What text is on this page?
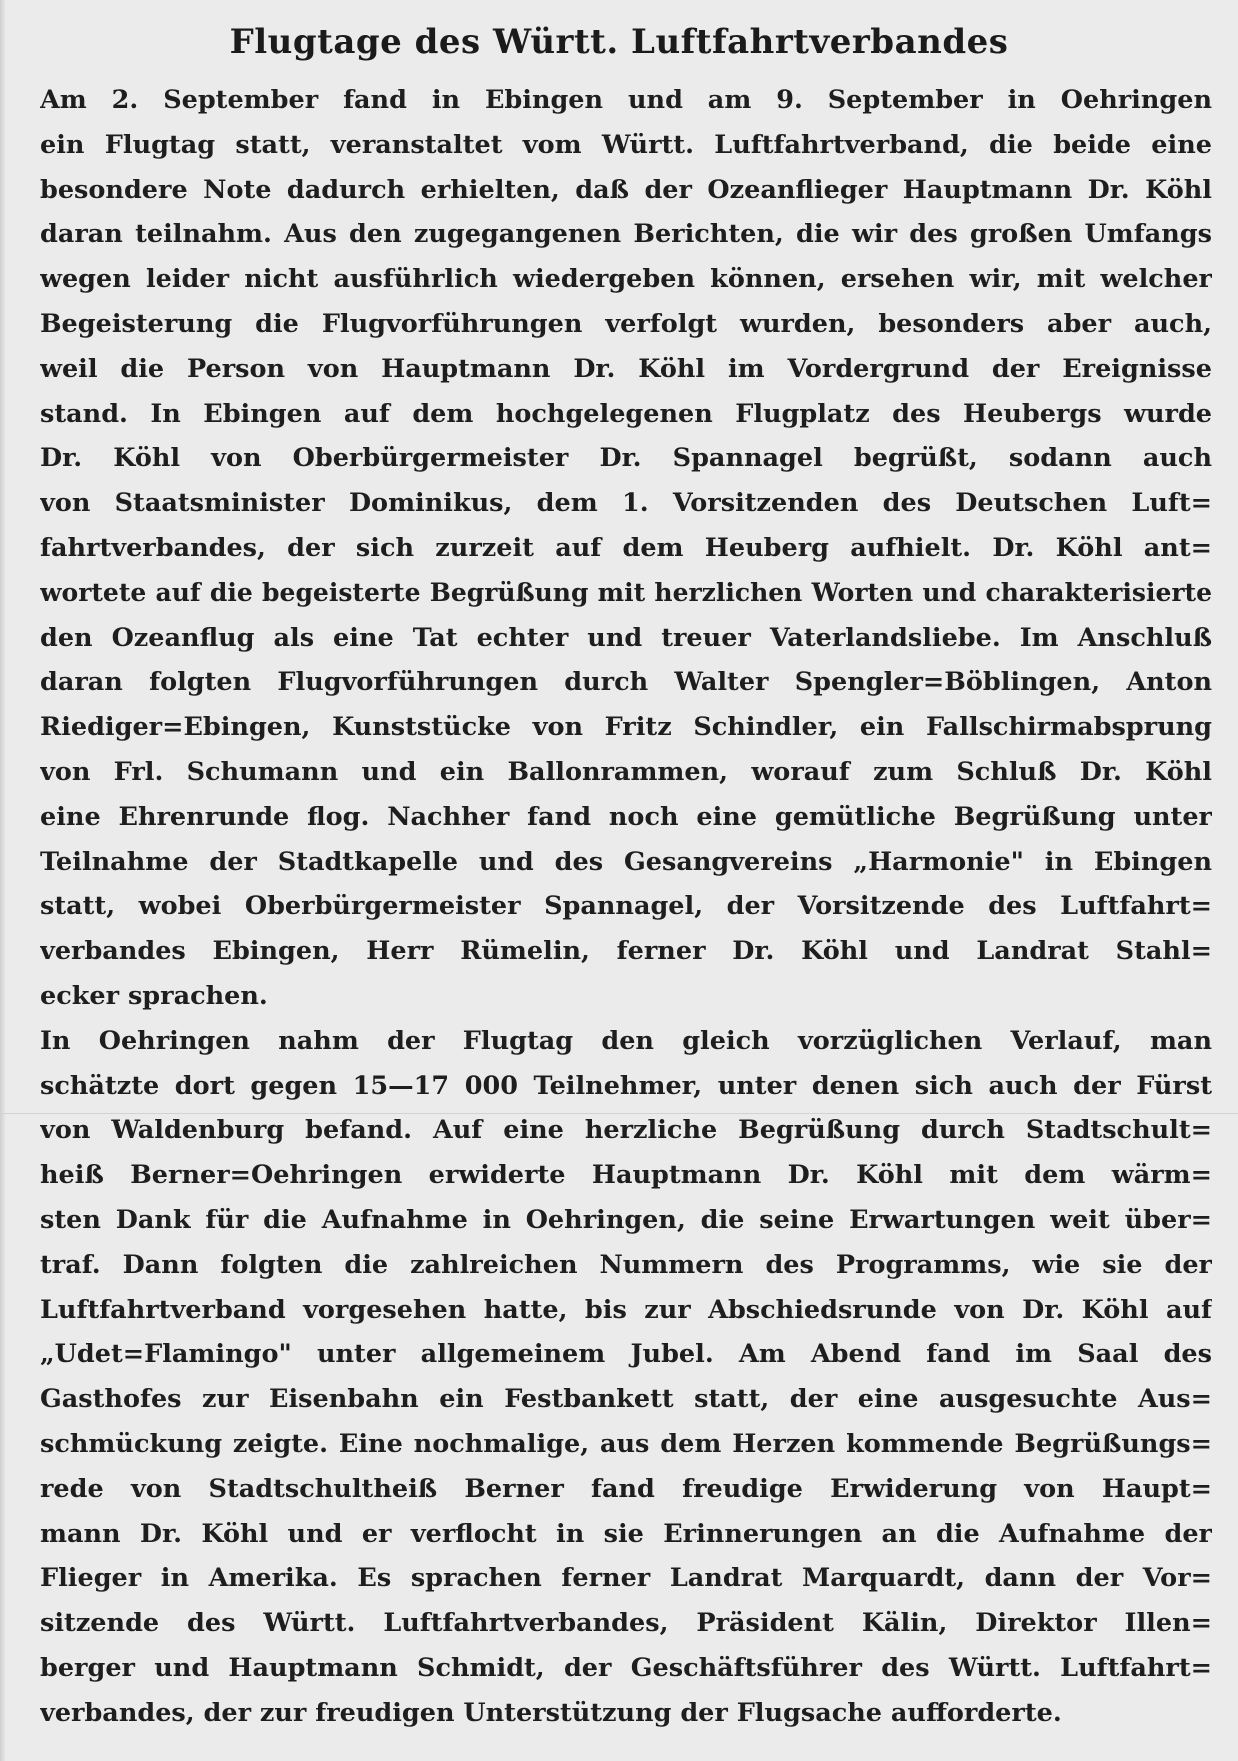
Flugtage des Württ. Luftfahrtverbandes
Am 2. September fand in Ebingen und am 9. September in Oehringen
ein Flugtag statt, veranstaltet vom Württ. Luftfahrtverband, die beide eine
besondere Note dadurch erhielten, daß der Ozeanflieger Hauptmann Dr. Köhl
daran teilnahm. Aus den zugegangenen Berichten, die wir des großen Umfangs
wegen leider nicht ausführlich wiedergeben können, ersehen wir, mit welcher
Begeisterung die Flugvorführungen verfolgt wurden, besonders aber auch,
weil die Person von Hauptmann Dr. Köhl im Vordergrund der Ereignisse
stand. In Ebingen auf dem hochgelegenen Flugplatz des Heubergs wurde
Dr. Köhl von Oberbürgermeister Dr. Spannagel begrüßt, sodann auch
von Staatsminister Dominikus, dem 1. Vorsitzenden des Deutschen Luft=
fahrtverbandes, der sich zurzeit auf dem Heuberg aufhielt. Dr. Köhl ant=
wortete auf die begeisterte Begrüßung mit herzlichen Worten und charakterisierte
den Ozeanflug als eine Tat echter und treuer Vaterlandsliebe. Im Anschluß
daran folgten Flugvorführungen durch Walter Spengler=Böblingen, Anton
Riediger=Ebingen, Kunststücke von Fritz Schindler, ein Fallschirmabsprung
von Frl. Schumann und ein Ballonrammen, worauf zum Schluß Dr. Köhl
eine Ehrenrunde flog. Nachher fand noch eine gemütliche Begrüßung unter
Teilnahme der Stadtkapelle und des Gesangvereins „Harmonie" in Ebingen
statt, wobei Oberbürgermeister Spannagel, der Vorsitzende des Luftfahrt=
verbandes Ebingen, Herr Rümelin, ferner Dr. Köhl und Landrat Stahl=
ecker sprachen.
In Oehringen nahm der Flugtag den gleich vorzüglichen Verlauf, man
schätzte dort gegen 15—17 000 Teilnehmer, unter denen sich auch der Fürst
von Waldenburg befand. Auf eine herzliche Begrüßung durch Stadtschult=
heiß Berner=Oehringen erwiderte Hauptmann Dr. Köhl mit dem wärm=
sten Dank für die Aufnahme in Oehringen, die seine Erwartungen weit über=
traf. Dann folgten die zahlreichen Nummern des Programms, wie sie der
Luftfahrtverband vorgesehen hatte, bis zur Abschiedsrunde von Dr. Köhl auf
„Udet=Flamingo" unter allgemeinem Jubel. Am Abend fand im Saal des
Gasthofes zur Eisenbahn ein Festbankett statt, der eine ausgesuchte Aus=
schmückung zeigte. Eine nochmalige, aus dem Herzen kommende Begrüßungs=
rede von Stadtschultheiß Berner fand freudige Erwiderung von Haupt=
mann Dr. Köhl und er verflocht in sie Erinnerungen an die Aufnahme der
Flieger in Amerika. Es sprachen ferner Landrat Marquardt, dann der Vor=
sitzende des Württ. Luftfahrtverbandes, Präsident Kälin, Direktor Illen=
berger und Hauptmann Schmidt, der Geschäftsführer des Württ. Luftfahrt=
verbandes, der zur freudigen Unterstützung der Flugsache aufforderte.
